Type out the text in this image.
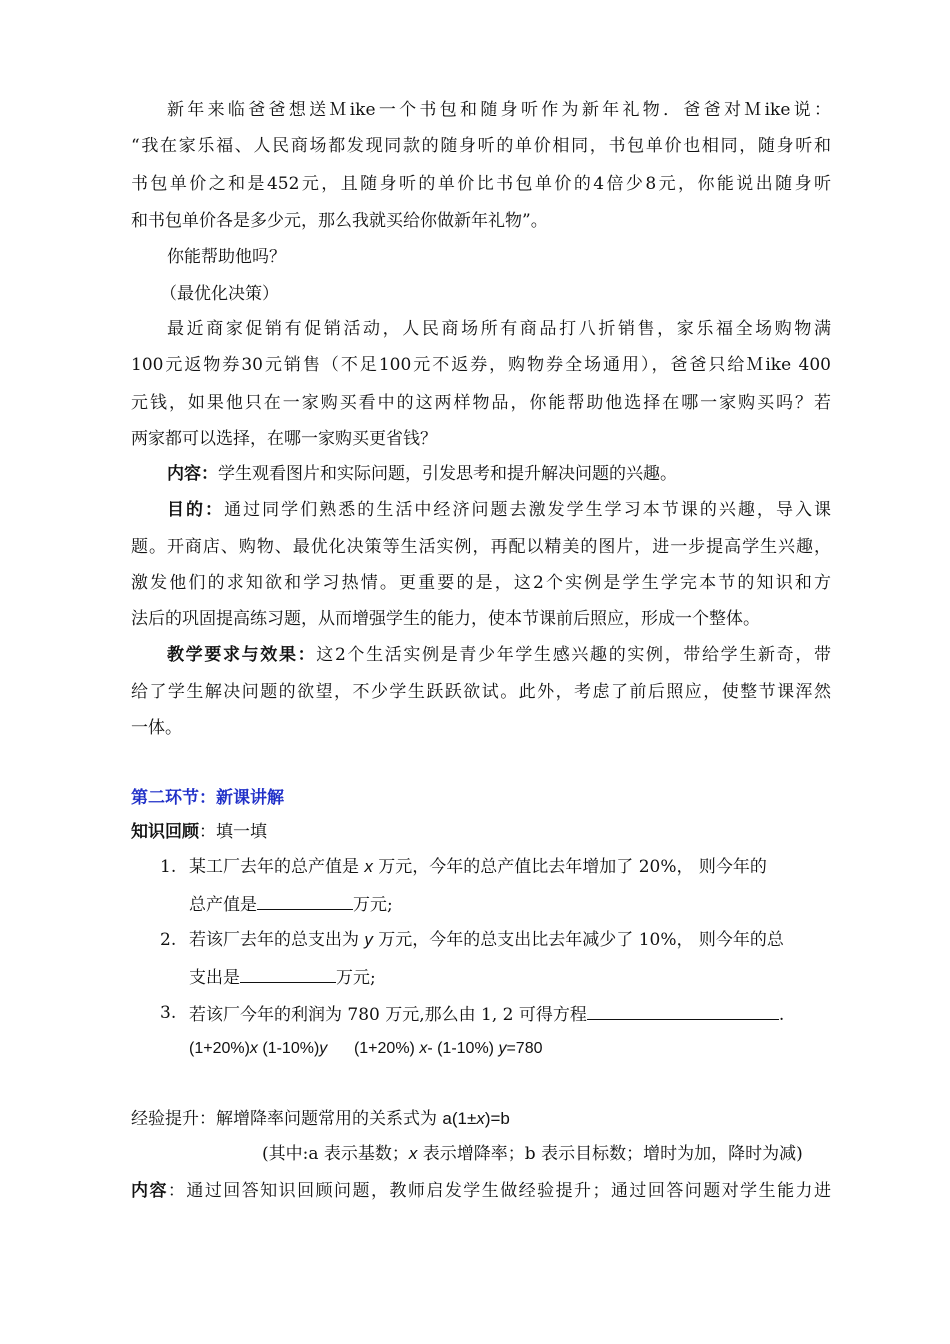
新年来临爸爸想送Ｍike一个书包和随身听作为新年礼物．爸爸对Ｍike说：
“我在家乐福、人民商场都发现同款的随身听的单价相同，书包单价也相同，随身听和
书包单价之和是452元，且随身听的单价比书包单价的4倍少8元，你能说出随身听
和书包单价各是多少元，那么我就买给你做新年礼物”。
你能帮助他吗？
（最优化决策）
最近商家促销有促销活动，人民商场所有商品打八折销售，家乐福全场购物满
100元返物券30元销售（不足100元不返券，购物券全场通用），爸爸只给Ｍike 400
元钱，如果他只在一家购买看中的这两样物品，你能帮助他选择在哪一家购买吗？若
两家都可以选择，在哪一家购买更省钱？
内容：学生观看图片和实际问题，引发思考和提升解决问题的兴趣。
目的：通过同学们熟悉的生活中经济问题去激发学生学习本节课的兴趣，导入课
题。开商店、购物、最优化决策等生活实例，再配以精美的图片，进一步提高学生兴趣，
激发他们的求知欲和学习热情。更重要的是，这2个实例是学生学完本节的知识和方
法后的巩固提高练习题，从而增强学生的能力，使本节课前后照应，形成一个整体。
教学要求与效果：这2个生活实例是青少年学生感兴趣的实例，带给学生新奇，带
给了学生解决问题的欲望，不少学生跃跃欲试。此外，考虑了前后照应，使整节课浑然
一体。
第二环节：新课讲解
知识回顾：填一填
1. 某工厂去年的总产值是 x 万元，今年的总产值比去年增加了 20%， 则今年的
总产值是	万元;
2. 若该厂去年的总支出为 y 万元，今年的总支出比去年减少了 10%， 则今年的总
支出是	万元;
3. 若该厂今年的利润为 780 万元,那么由 1, 2 可得方程	.
(1+20%)x (1-10%)y      (1+20%) x- (1-10%) y=780
经验提升：解增降率问题常用的关系式为 a(1±x)=b
(其中:a 表示基数；x 表示增降率；b 表示目标数；增时为加，降时为减)
内容：通过回答知识回顾问题，教师启发学生做经验提升；通过回答问题对学生能力进
